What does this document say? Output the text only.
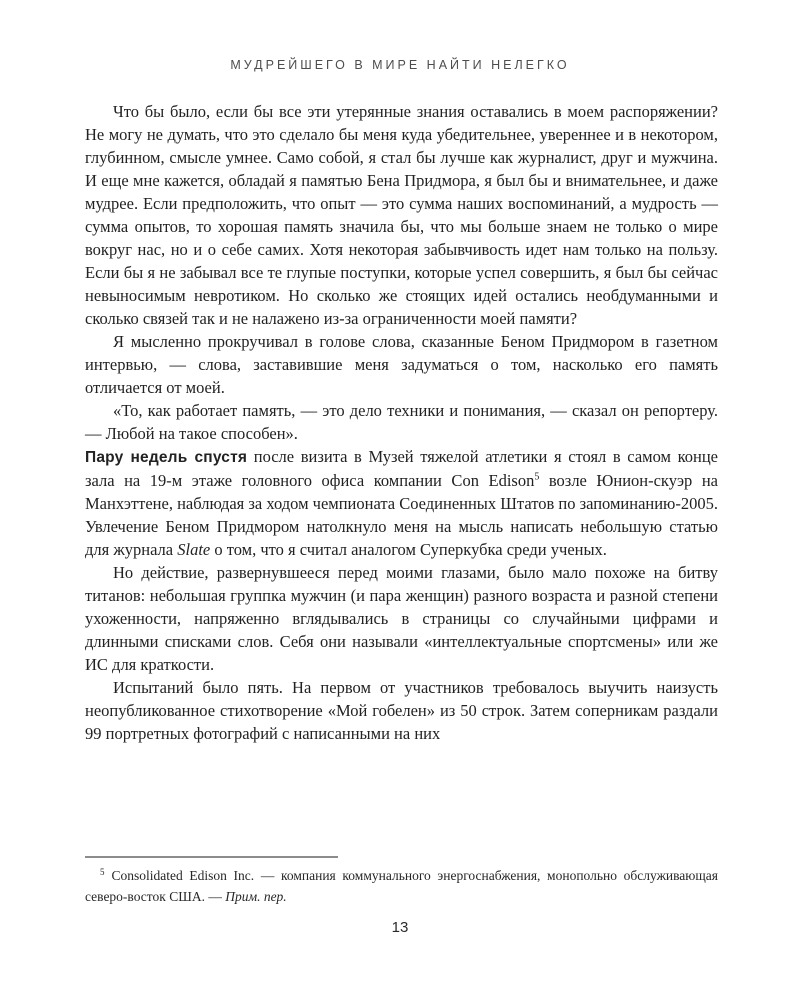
МУДРЕЙШЕГО В МИРЕ НАЙТИ НЕЛЕГКО

Что бы было, если бы все эти утерянные знания оставались в моем распоряжении? Не могу не думать, что это сделало бы меня куда убедительнее, увереннее и в некотором, глубинном, смысле умнее. Само собой, я стал бы лучше как журналист, друг и мужчина. И еще мне кажется, обладай я памятью Бена Придмора, я был бы и внимательнее, и даже мудрее. Если предположить, что опыт — это сумма наших воспоминаний, а мудрость — сумма опытов, то хорошая память значила бы, что мы больше знаем не только о мире вокруг нас, но и о себе самих. Хотя некоторая забывчивость идет нам только на пользу. Если бы я не забывал все те глупые поступки, которые успел совершить, я был бы сейчас невыносимым невротиком. Но сколько же стоящих идей остались необдуманными и сколько связей так и не налажено из-за ограниченности моей памяти?

Я мысленно прокручивал в голове слова, сказанные Беном Придмором в газетном интервью, — слова, заставившие меня задуматься о том, насколько его память отличается от моей.

«То, как работает память, — это дело техники и понимания, — сказал он репортеру. — Любой на такое способен».

Пару недель спустя после визита в Музей тяжелой атлетики я стоял в самом конце зала на 19-м этаже головного офиса компании Con Edison$^5$ возле Юнион-скуэр на Манхэттене, наблюдая за ходом чемпионата Соединенных Штатов по запоминанию-2005. Увлечение Беном Придмором натолкнуло меня на мысль написать небольшую статью для журнала Slate о том, что я считал аналогом Суперкубка среди ученых.

Но действие, развернувшееся перед моими глазами, было мало похоже на битву титанов: небольшая группка мужчин (и пара женщин) разного возраста и разной степени ухоженности, напряженно вглядывались в страницы со случайными цифрами и длинными списками слов. Себя они называли «интеллектуальные спортсмены» или же ИС для краткости.

Испытаний было пять. На первом от участников требовалось выучить наизусть неопубликованное стихотворение «Мой гобелен» из 50 строк. Затем соперникам раздали 99 портретных фотографий с написанными на них

$^5$ Consolidated Edison Inc. — компания коммунального энергоснабжения, монопольно обслуживающая северо-восток США. — Прим. пер.

13
